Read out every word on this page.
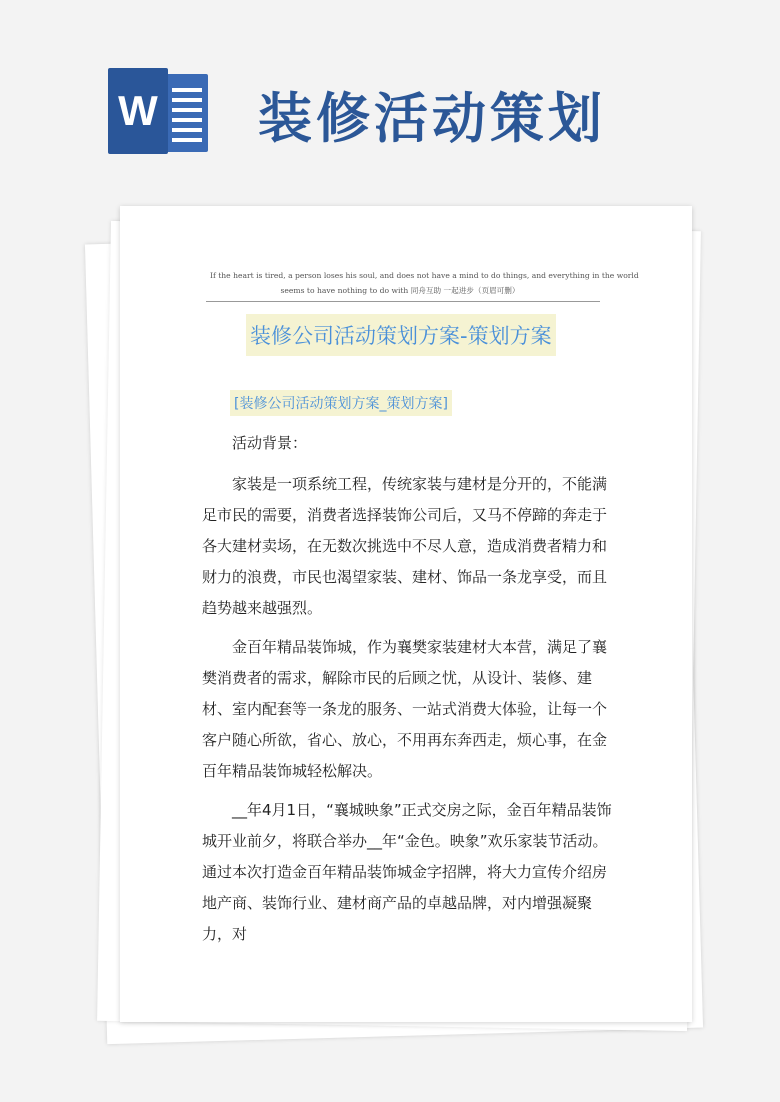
W 装修活动策划
If the heart is tired, a person loses his soul, and does not have a mind to do things, and everything in the world
seems to have nothing to do with 同舟互助 一起进步（页眉可删）
装修公司活动策划方案-策划方案
[装修公司活动策划方案_策划方案]

活动背景：

家装是一项系统工程，传统家装与建材是分开的，不能满足市民的需要，消费者选择装饰公司后，又马不停蹄的奔走于各大建材卖场，在无数次挑选中不尽人意，造成消费者精力和财力的浪费，市民也渴望家装、建材、饰品一条龙享受，而且趋势越来越强烈。

金百年精品装饰城，作为襄樊家装建材大本营，满足了襄樊消费者的需求，解除市民的后顾之忧，从设计、装修、建材、室内配套等一条龙的服务、一站式消费大体验，让每一个客户随心所欲，省心、放心，不用再东奔西走，烦心事，在金百年精品装饰城轻松解决。

__年4月1日，“襄城映象”正式交房之际，金百年精品装饰城开业前夕，将联合举办__年“金色。映象”欢乐家装节活动。通过本次打造金百年精品装饰城金字招牌，将大力宣传介绍房地产商、装饰行业、建材商产品的卓越品牌，对内增强凝聚力，对
